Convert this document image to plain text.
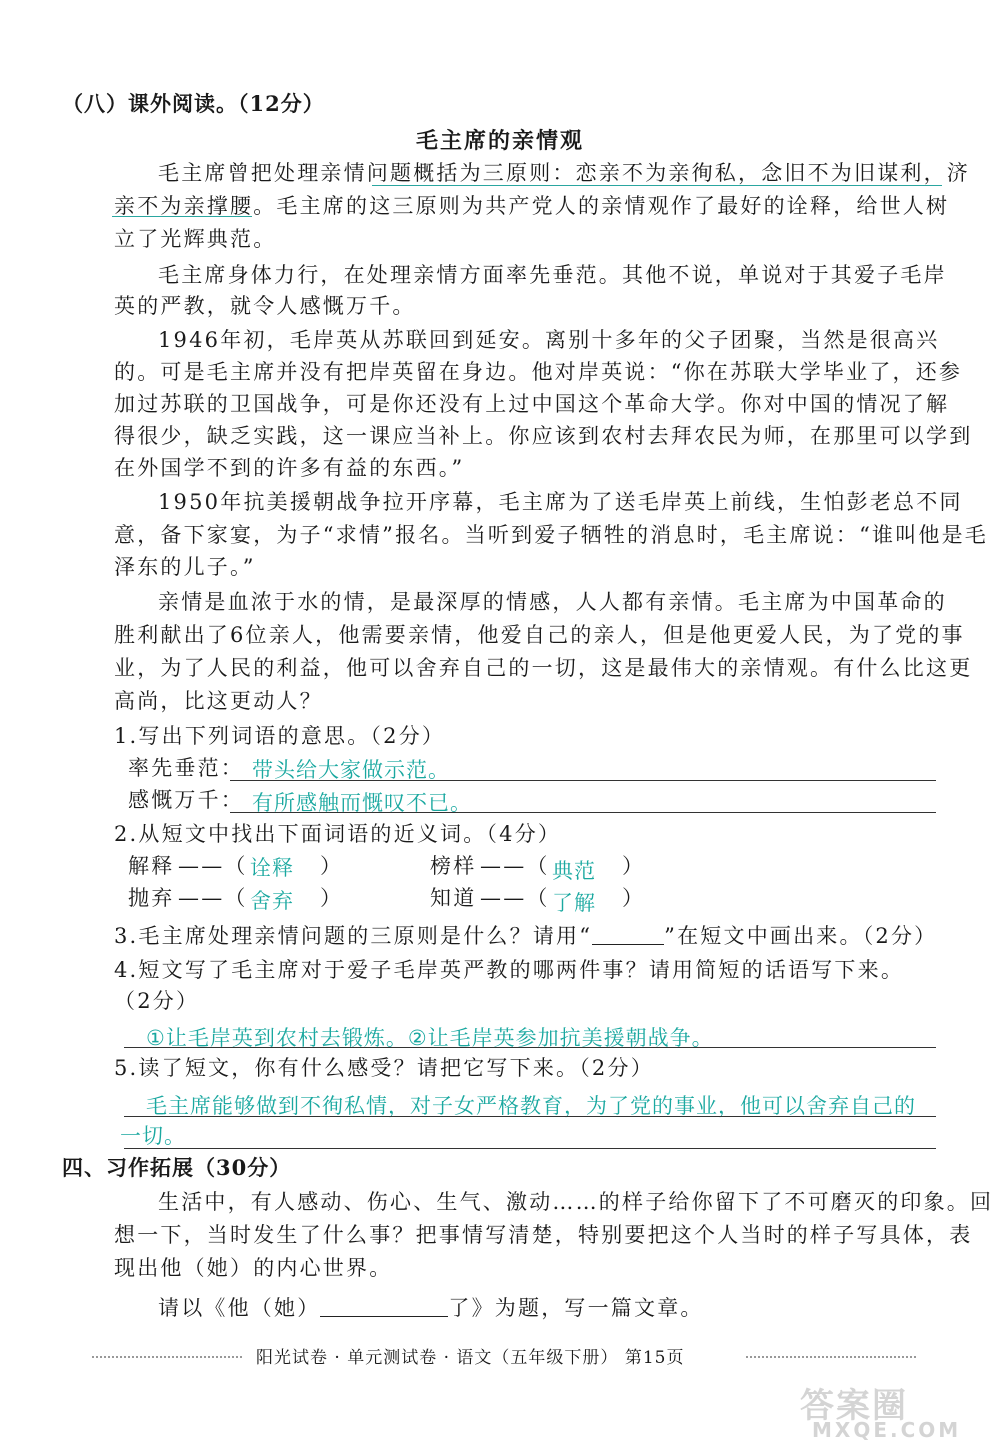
（八）课外阅读。（12分）
毛主席的亲情观
毛主席曾把处理亲情问题概括为三原则：恋亲不为亲徇私，念旧不为旧谋利，济
亲不为亲撑腰。毛主席的这三原则为共产党人的亲情观作了最好的诠释，给世人树
立了光辉典范。
毛主席身体力行，在处理亲情方面率先垂范。其他不说，单说对于其爱子毛岸
英的严教，就令人感慨万千。
1946年初，毛岸英从苏联回到延安。离别十多年的父子团聚，当然是很高兴
的。可是毛主席并没有把岸英留在身边。他对岸英说：“你在苏联大学毕业了，还参
加过苏联的卫国战争，可是你还没有上过中国这个革命大学。你对中国的情况了解
得很少，缺乏实践，这一课应当补上。你应该到农村去拜农民为师，在那里可以学到
在外国学不到的许多有益的东西。”
1950年抗美援朝战争拉开序幕，毛主席为了送毛岸英上前线，生怕彭老总不同
意，备下家宴，为子“求情”报名。当听到爱子牺牲的消息时，毛主席说：“谁叫他是毛
泽东的儿子。”
亲情是血浓于水的情，是最深厚的情感，人人都有亲情。毛主席为中国革命的
胜利献出了6位亲人，他需要亲情，他爱自己的亲人，但是他更爱人民，为了党的事
业，为了人民的利益，他可以舍弃自己的一切，这是最伟大的亲情观。有什么比这更
高尚，比这更动人？
1.写出下列词语的意思。（2分）
率先垂范： 带头给大家做示范。
感慨万千： 有所感触而慨叹不已。
2.从短文中找出下面词语的近义词。（4分）
解释 ——（ 诠释 ）	榜样 ——（ 典范 ）
抛弃 ——（ 舍弃 ）	知道 ——（ 了解 ）
3.毛主席处理亲情问题的三原则是什么？请用“	”在短文中画出来。（2分）
4.短文写了毛主席对于爱子毛岸英严教的哪两件事？请用简短的话语写下来。
（2分）
①让毛岸英到农村去锻炼。②让毛岸英参加抗美援朝战争。
5.读了短文，你有什么感受？请把它写下来。（2分）
毛主席能够做到不徇私情，对子女严格教育，为了党的事业，他可以舍弃自己的
一切。
四、习作拓展（30分）
生活中，有人感动、伤心、生气、激动……的样子给你留下了不可磨灭的印象。回
想一下，当时发生了什么事？把事情写清楚，特别要把这个人当时的样子写具体，表
现出他（她）的内心世界。
请以《他（她）	了》为题，写一篇文章。
阳光试卷 · 单元测试卷 · 语文（五年级下册） 第15页
答案圈
MXQE.COM
